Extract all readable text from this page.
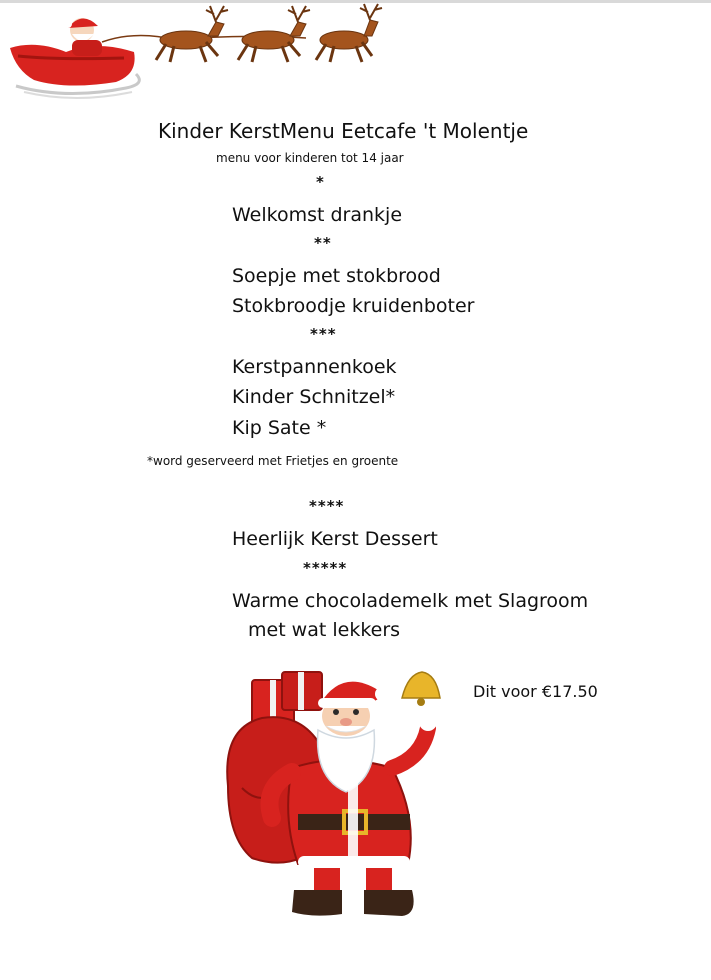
Kinder KerstMenu Eetcafe 't Molentje
menu voor kinderen tot 14 jaar
*
Welkomst drankje
**
Soepje met stokbrood
Stokbroodje kruidenboter
***
Kerstpannenkoek
Kinder Schnitzel*
Kip Sate *
*word geserveerd met Frietjes en groente
****
Heerlijk Kerst Dessert
*****
Warme chocolademelk met Slagroom
met wat lekkers
Dit voor €17.50
